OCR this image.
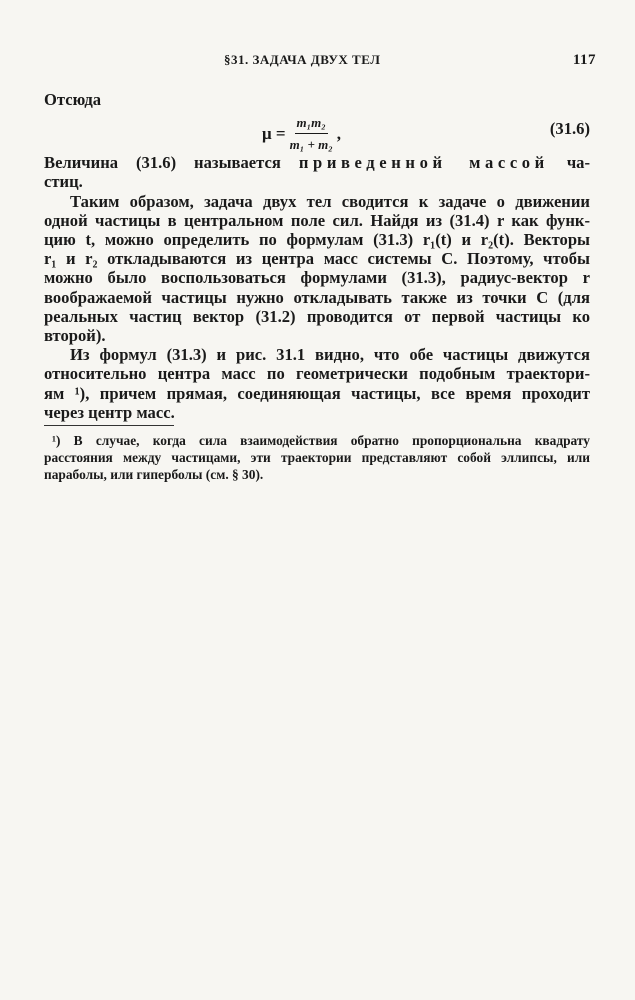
§31. ЗАДАЧА ДВУХ ТЕЛ	117
Отсюда
$\mu = \frac{\text{m₁m₂}}{\text{m₁ + m₂}}$ ,	(31.6)
Величина (31.6) называется приведенной массой ча-
стиц.
Таким образом, задача двух тел сводится к задаче о движении
одной частицы в центральном поле сил. Найдя из (31.4) r как функ-
цию t, можно определить по формулам (31.3) r₁(t) и r₂(t). Векторы
r₁ и r₂ откладываются из центра масс системы C. Поэтому, чтобы
можно было воспользоваться формулами (31.3), радиус-вектор r
воображаемой частицы нужно откладывать также из точки C (для
реальных частиц вектор (31.2) проводится от первой частицы ко
второй).
Из формул (31.3) и рис. 31.1 видно, что обе частицы движутся
относительно центра масс по геометрически подобным траектори-
ям ¹), причем прямая, соединяющая частицы, все время проходит
через центр масс.
¹) В случае, когда сила взаимодействия обратно пропорциональна квадрату
расстояния между частицами, эти траектории представляют собой эллипсы, или
параболы, или гиперболы (см. § 30).
